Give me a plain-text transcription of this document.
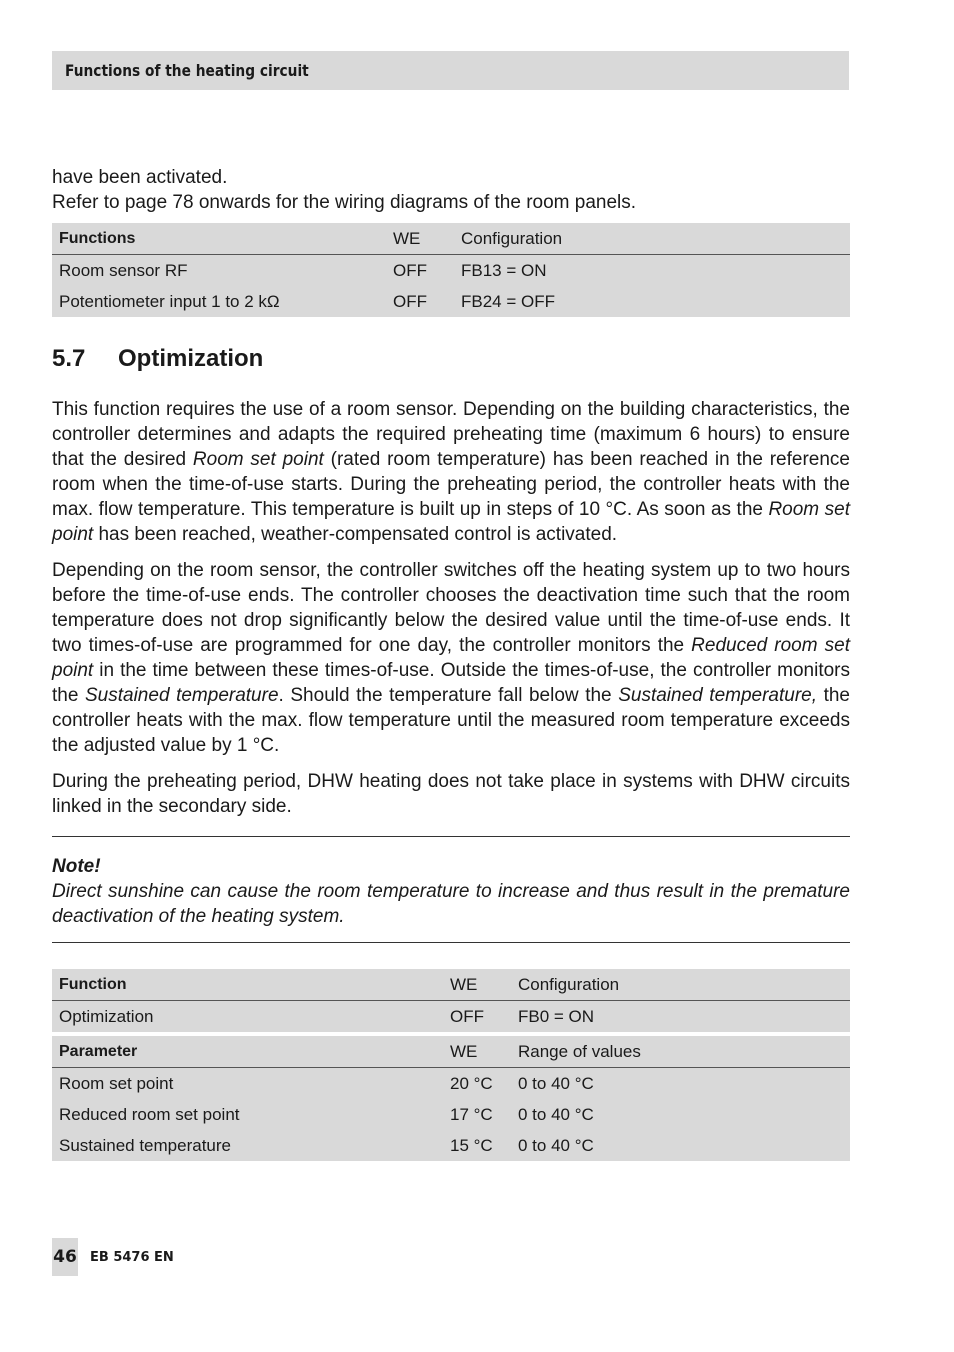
Functions of the heating circuit

have been activated.

Refer to page 78 onwards for the wiring diagrams of the room panels.

Functions	WE	Configuration
Room sensor RF	OFF	FB13 = ON
Potentiometer input 1 to 2 kΩ	OFF	FB24 = OFF
5.7 Optimization

This function requires the use of a room sensor. Depending on the building characteristics, the controller determines and adapts the required preheating time (maximum 6 hours) to ensure that the desired Room set point (rated room temperature) has been reached in the reference room when the time-of-use starts. During the preheating period, the controller heats with the max. flow temperature. This temperature is built up in steps of 10 °C. As soon as the Room set point has been reached, weather-compensated control is activated.

Depending on the room sensor, the controller switches off the heating system up to two hours before the time-of-use ends. The controller chooses the deactivation time such that the room temperature does not drop significantly below the desired value until the time-of-use ends. It two times-of-use are programmed for one day, the controller monitors the Reduced room set point in the time between these times-of-use. Outside the times-of-use, the controller monitors the Sustained temperature. Should the temperature fall below the Sustained temperature, the controller heats with the max. flow temperature until the measured room temperature exceeds the adjusted value by 1 °C.

During the preheating period, DHW heating does not take place in systems with DHW circuits linked in the secondary side.

Note!

Direct sunshine can cause the room temperature to increase and thus result in the premature deactivation of the heating system.

Function	WE	Configuration
Optimization	OFF	FB0 = ON

Parameter	WE	Range of values
Room set point	20 °C	0 to 40 °C
Reduced room set point	17 °C	0 to 40 °C
Sustained temperature	15 °C	0 to 40 °C
46 EB 5476 EN
